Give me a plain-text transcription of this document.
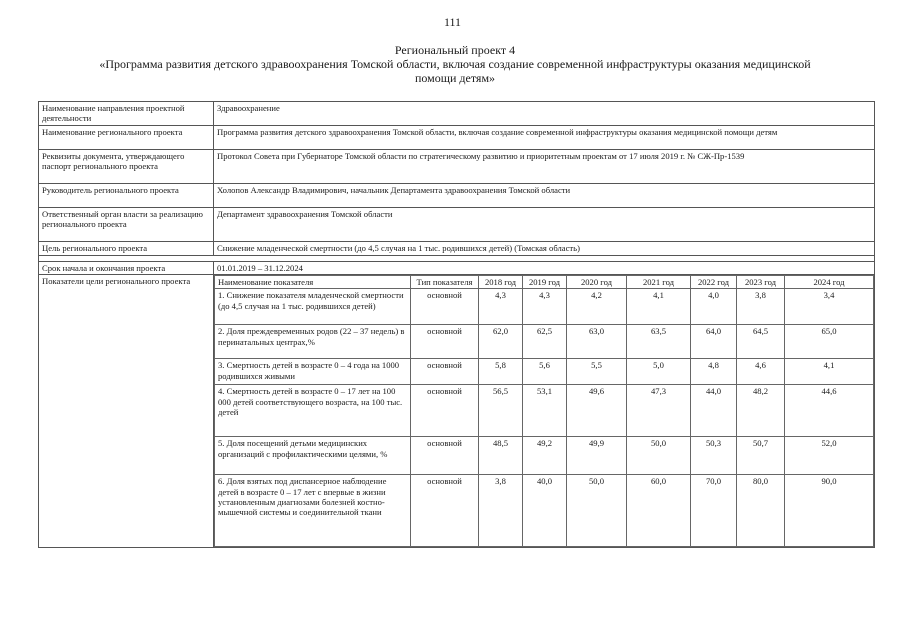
111
Региональный проект 4
«Программа развития детского здравоохранения Томской области, включая создание современной инфраструктуры оказания медицинской
помощи детям»
Наименование направления проектной деятельности	Здравоохранение
Наименование регионального проекта	Программа развития детского здравоохранения Томской области, включая создание современной инфраструктуры оказания медицинской помощи детям
Реквизиты документа, утверждающего паспорт регионального проекта	Протокол Совета при Губернаторе Томской области по стратегическому развитию и приоритетным проектам от 17 июля 2019 г. № СЖ-Пр-1539
Руководитель регионального проекта	Холопов Александр Владимирович, начальник Департамента здравоохранения Томской области
Ответственный орган власти за реализацию регионального проекта	Департамент здравоохранения Томской области
Цель регионального проекта	Снижение младенческой смертности (до 4,5 случая на 1 тыс. родившихся детей) (Томская область)

Срок начала и окончания проекта	01.01.2019 – 31.12.2024
Показатели цели регионального проекта		Наименование показателя	Тип показателя	2018 год	2019 год	2020 год	2021 год	2022 год	2023 год	2024 год
1. Снижение показателя младенческой смертности (до 4,5 случая на 1 тыс. родившихся детей)	основной	4,3	4,3	4,2	4,1	4,0	3,8	3,4
2. Доля преждевременных родов (22 – 37 недель) в перинатальных центрах,%	основной	62,0	62,5	63,0	63,5	64,0	64,5	65,0
3. Смертность детей в возрасте 0 – 4 года на 1000 родившихся живыми	основной	5,8	5,6	5,5	5,0	4,8	4,6	4,1
4. Смертность детей в возрасте 0 – 17 лет на 100 000 детей соответствующего возраста, на 100 тыс. детей	основной	56,5	53,1	49,6	47,3	44,0	48,2	44,6
5. Доля посещений детьми медицинских организаций с профилактическими целями, %	основной	48,5	49,2	49,9	50,0	50,3	50,7	52,0
6. Доля взятых под диспансерное наблюдение детей в возрасте 0 – 17 лет с впервые в жизни установленным диагнозами болезней костно-мышечной системы и соединительной ткани	основной	3,8	40,0	50,0	60,0	70,0	80,0	90,0
